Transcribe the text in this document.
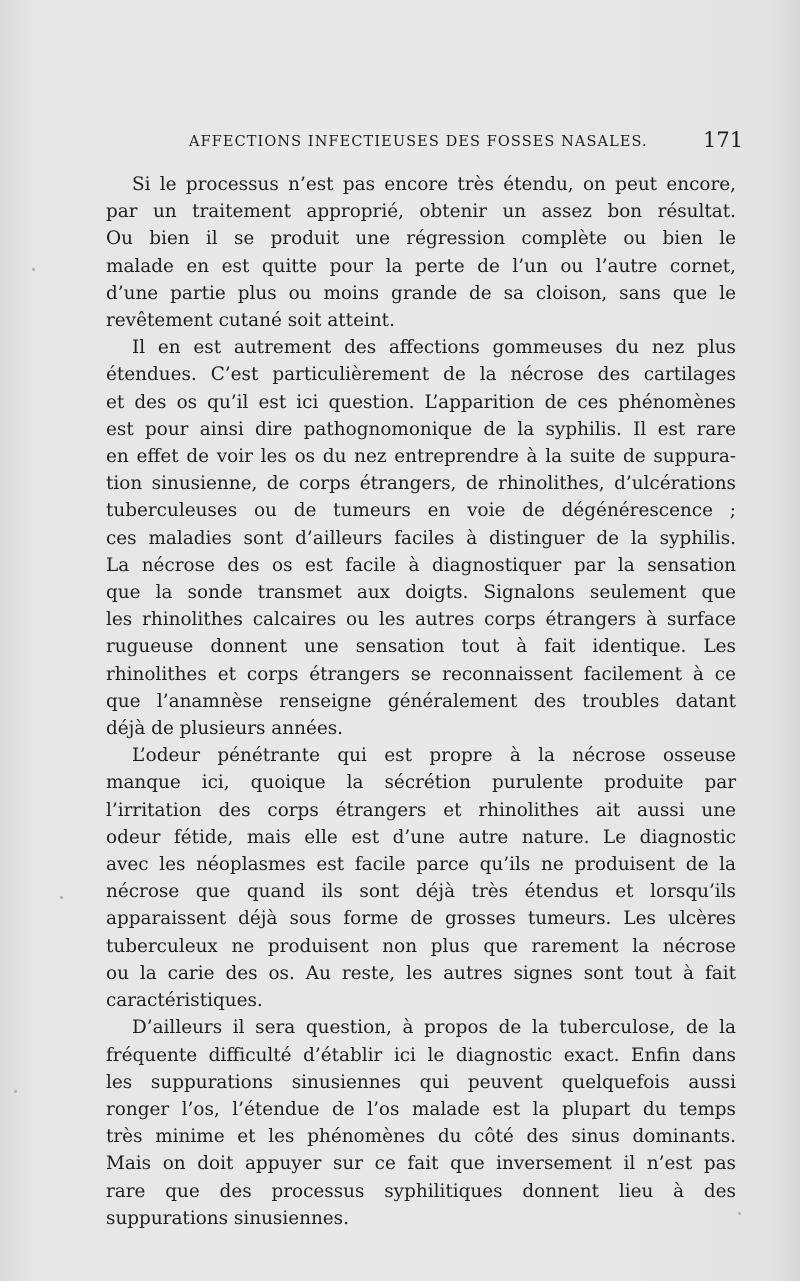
AFFECTIONS INFECTIEUSES DES FOSSES NASALES.	171

Si le processus n’est pas encore très étendu, on peut encore,
par un traitement approprié, obtenir un assez bon résultat.
Ou bien il se produit une régression complète ou bien le
malade en est quitte pour la perte de l’un ou l’autre cornet,
d’une partie plus ou moins grande de sa cloison, sans que le
revêtement cutané soit atteint.

Il en est autrement des affections gommeuses du nez plus
étendues. C’est particulièrement de la nécrose des cartilages
et des os qu’il est ici question. L’apparition de ces phénomènes
est pour ainsi dire pathognomonique de la syphilis. Il est rare
en effet de voir les os du nez entreprendre à la suite de suppura-
tion sinusienne, de corps étrangers, de rhinolithes, d’ulcérations
tuberculeuses ou de tumeurs en voie de dégénérescence ;
ces maladies sont d’ailleurs faciles à distinguer de la syphilis.
La nécrose des os est facile à diagnostiquer par la sensation
que la sonde transmet aux doigts. Signalons seulement que
les rhinolithes calcaires ou les autres corps étrangers à surface
rugueuse donnent une sensation tout à fait identique. Les
rhinolithes et corps étrangers se reconnaissent facilement à ce
que l’anamnèse renseigne généralement des troubles datant
déjà de plusieurs années.

L’odeur pénétrante qui est propre à la nécrose osseuse
manque ici, quoique la sécrétion purulente produite par
l’irritation des corps étrangers et rhinolithes ait aussi une
odeur fétide, mais elle est d’une autre nature. Le diagnostic
avec les néoplasmes est facile parce qu’ils ne produisent de la
nécrose que quand ils sont déjà très étendus et lorsqu’ils
apparaissent déjà sous forme de grosses tumeurs. Les ulcères
tuberculeux ne produisent non plus que rarement la nécrose
ou la carie des os. Au reste, les autres signes sont tout à fait
caractéristiques.

D’ailleurs il sera question, à propos de la tuberculose, de la
fréquente difficulté d’établir ici le diagnostic exact. Enfin dans
les suppurations sinusiennes qui peuvent quelquefois aussi
ronger l’os, l’étendue de l’os malade est la plupart du temps
très minime et les phénomènes du côté des sinus dominants.
Mais on doit appuyer sur ce fait que inversement il n’est pas
rare que des processus syphilitiques donnent lieu à des
suppurations sinusiennes.
